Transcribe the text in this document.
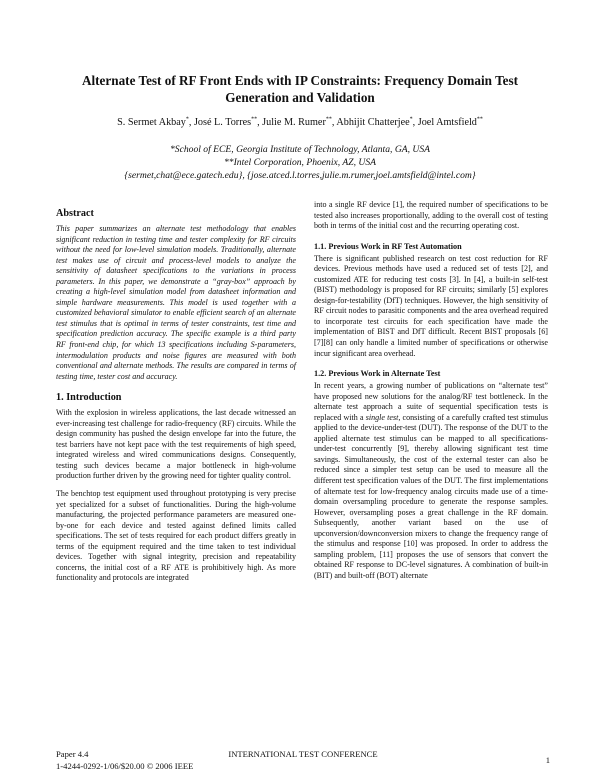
Alternate Test of RF Front Ends with IP Constraints: Frequency Domain Test Generation and Validation
S. Sermet Akbay*, José L. Torres**, Julie M. Rumer**, Abhijit Chatterjee*, Joel Amtsfield**
*School of ECE, Georgia Institute of Technology, Atlanta, GA, USA
**Intel Corporation, Phoenix, AZ, USA
{sermet,chat@ece.gatech.edu}, {jose.atced.l.torres,julie.m.rumer,joel.amtsfield@intel.com}
Abstract

This paper summarizes an alternate test methodology that enables significant reduction in testing time and tester complexity for RF circuits without the need for low-level simulation models. Traditionally, alternate test makes use of circuit and process-level models to analyze the sensitivity of datasheet specifications to the variations in process parameters. In this paper, we demonstrate a “gray-box” approach by creating a high-level simulation model from datasheet information and simple hardware measurements. This model is used together with a customized behavioral simulator to enable efficient search of an alternate test stimulus that is optimal in terms of tester constraints, test time and specification prediction accuracy. The specific example is a third party RF front-end chip, for which 13 specifications including S-parameters, intermodulation products and noise figures are measured with both conventional and alternate methods. The results are compared in terms of testing time, tester cost and accuracy.

1. Introduction

With the explosion in wireless applications, the last decade witnessed an ever-increasing test challenge for radio-frequency (RF) circuits. While the design community has pushed the design envelope far into the future, the test barriers have not kept pace with the test requirements of high speed, integrated wireless and wired communications designs. Consequently, testing such devices became a major bottleneck in high-volume production further driven by the growing need for tighter quality control.

The benchtop test equipment used throughout prototyping is very precise yet specialized for a subset of functionalities. During the high-volume manufacturing, the projected performance parameters are measured one-by-one for each device and tested against defined limits called specifications. The set of tests required for each product differs greatly in terms of the equipment required and the time taken to test individual devices. Together with signal integrity, precision and repeatability concerns, the initial cost of a RF ATE is prohibitively high. As more functionality and protocols are integrated

into a single RF device [1], the required number of specifications to be tested also increases proportionally, adding to the overall cost of testing both in terms of the initial cost and the recurring operating cost.

1.1. Previous Work in RF Test Automation

There is significant published research on test cost reduction for RF devices. Previous methods have used a reduced set of tests [2], and customized ATE for reducing test costs [3]. In [4], a built-in self-test (BIST) methodology is proposed for RF circuits; similarly [5] explores design-for-testability (DfT) techniques. However, the high sensitivity of RF circuit nodes to parasitic components and the area overhead required to incorporate test circuits for each specification have made the implementation of BIST and DfT difficult. Recent BIST proposals [6][7][8] can only handle a limited number of specifications or otherwise incur significant area overhead.

1.2. Previous Work in Alternate Test

In recent years, a growing number of publications on “alternate test” have proposed new solutions for the analog/RF test bottleneck. In the alternate test approach a suite of sequential specification tests is replaced with a single test, consisting of a carefully crafted test stimulus applied to the device-under-test (DUT). The response of the DUT to the applied alternate test stimulus can be mapped to all specifications-under-test concurrently [9], thereby allowing significant test time savings. Simultaneously, the cost of the external tester can also be reduced since a simpler test setup can be used to measure all the different test specification values of the DUT. The first implementations of alternate test for low-frequency analog circuits made use of a time-domain oversampling procedure to generate the response samples. However, oversampling poses a great challenge in the RF domain. Subsequently, another variant based on the use of upconversion/downconversion mixers to change the frequency range of the stimulus and response [10] was proposed. In order to address the sampling problem, [11] proposes the use of sensors that convert the obtained RF response to DC-level signatures. A combination of built-in (BIT) and built-off (BOT) alternate

Paper 4.4	INTERNATIONAL TEST CONFERENCE
1
1-4244-0292-1/06/$20.00 © 2006 IEEE
